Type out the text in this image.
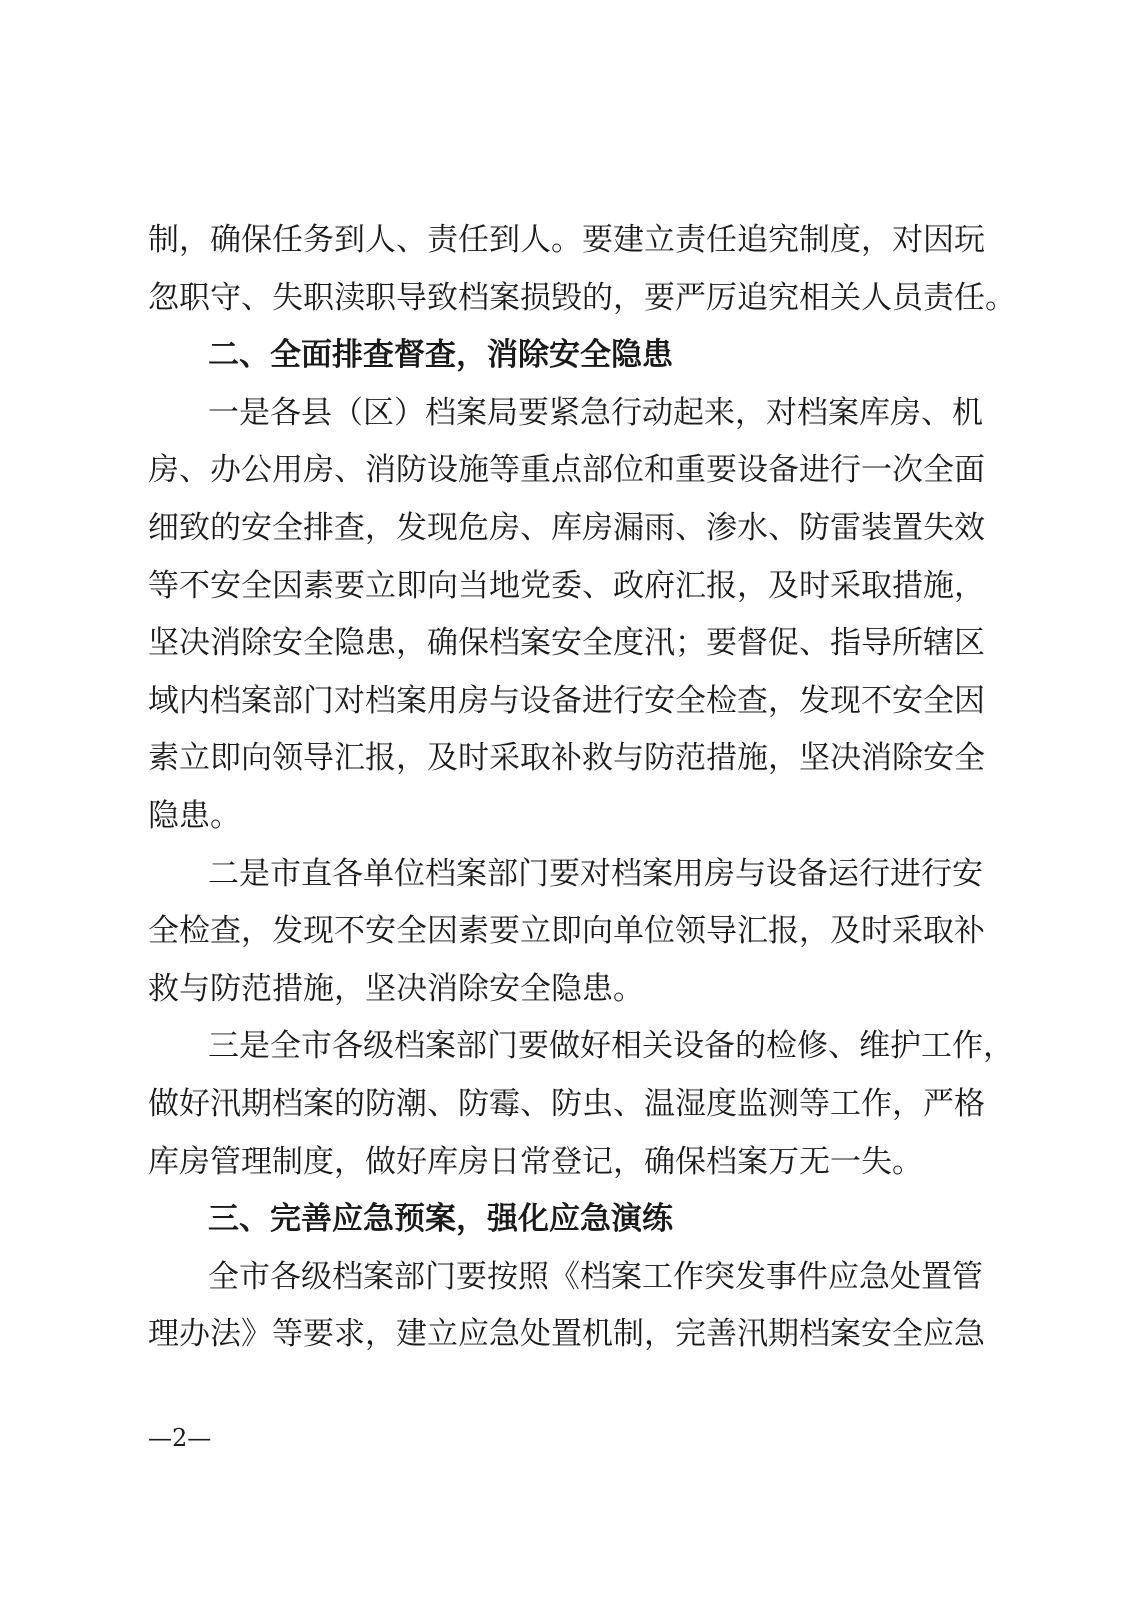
制，确保任务到人、责任到人。要建立责任追究制度，对因玩
忽职守、失职渎职导致档案损毁的，要严厉追究相关人员责任。
二、全面排查督查，消除安全隐患
一是各县（区）档案局要紧急行动起来，对档案库房、机
房、办公用房、消防设施等重点部位和重要设备进行一次全面
细致的安全排查，发现危房、库房漏雨、渗水、防雷装置失效
等不安全因素要立即向当地党委、政府汇报，及时采取措施，
坚决消除安全隐患，确保档案安全度汛；要督促、指导所辖区
域内档案部门对档案用房与设备进行安全检查，发现不安全因
素立即向领导汇报，及时采取补救与防范措施，坚决消除安全
隐患。
二是市直各单位档案部门要对档案用房与设备运行进行安
全检查，发现不安全因素要立即向单位领导汇报，及时采取补
救与防范措施，坚决消除安全隐患。
三是全市各级档案部门要做好相关设备的检修、维护工作，
做好汛期档案的防潮、防霉、防虫、温湿度监测等工作，严格
库房管理制度，做好库房日常登记，确保档案万无一失。
三、完善应急预案，强化应急演练
全市各级档案部门要按照《档案工作突发事件应急处置管
理办法》等要求，建立应急处置机制，完善汛期档案安全应急
—2—
